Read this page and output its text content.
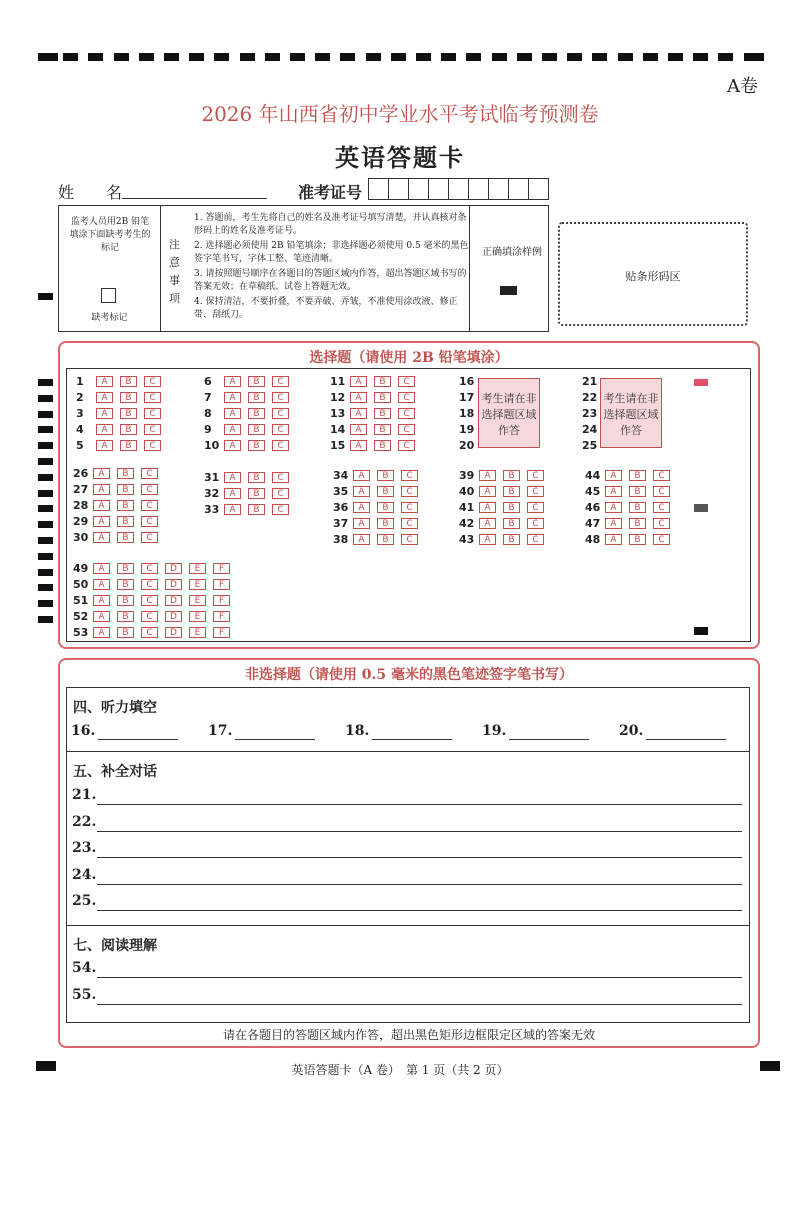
A卷
2026 年山西省初中学业水平考试临考预测卷
英语答题卡
姓　　名	准考证号
监考人员用2B 铅笔填涂下面缺考考生的标记
缺考标记
注意事项
1. 答题前，考生先将自己的姓名及准考证号填写清楚，并认真核对条形码上的姓名及准考证号。
2. 选择题必须使用 2B 铅笔填涂；非选择题必须使用 0.5 毫米的黑色签字笔书写，字体工整、笔迹清晰。
3. 请按照题号顺序在各题目的答题区域内作答，超出答题区域书写的答案无效；在草稿纸、试卷上答题无效。
4. 保持清洁，不要折叠，不要弄破、弄皱，不准使用涂改液、修正带、刮纸刀。
正确填涂样例
贴条形码区
选择题（请使用 2B 铅笔填涂）
1	A	B	C
2	A	B	C
3	A	B	C
4	A	B	C
5	A	B	C
6	A	B	C
7	A	B	C
8	A	B	C
9	A	B	C
10	A	B	C
11	A	B	C
12	A	B	C
13	A	B	C
14	A	B	C
15	A	B	C
26	A	B	C
27	A	B	C
28	A	B	C
29	A	B	C
30	A	B	C
31	A	B	C
32	A	B	C
33	A	B	C
34	A	B	C
35	A	B	C
36	A	B	C
37	A	B	C
38	A	B	C
39	A	B	C
40	A	B	C
41	A	B	C
42	A	B	C
43	A	B	C
44	A	B	C
45	A	B	C
46	A	B	C
47	A	B	C
48	A	B	C
49	A	B	C	D	E	F
50	A	B	C	D	E	F
51	A	B	C	D	E	F
52	A	B	C	D	E	F
53	A	B	C	D	E	F
16	21
17	22
18	23
19	24
20	25
考生请在非选择题区域作答
考生请在非选择题区域作答
非选择题（请使用 0.5 毫米的黑色笔迹签字笔书写）
四、听力填空
16.	17.	18.	19.	20.
五、补全对话
21.
22.
23.
24.
25.
七、阅读理解
54.
55.
请在各题目的答题区域内作答，超出黑色矩形边框限定区域的答案无效
英语答题卡（A 卷）　第 1 页（共 2 页）
